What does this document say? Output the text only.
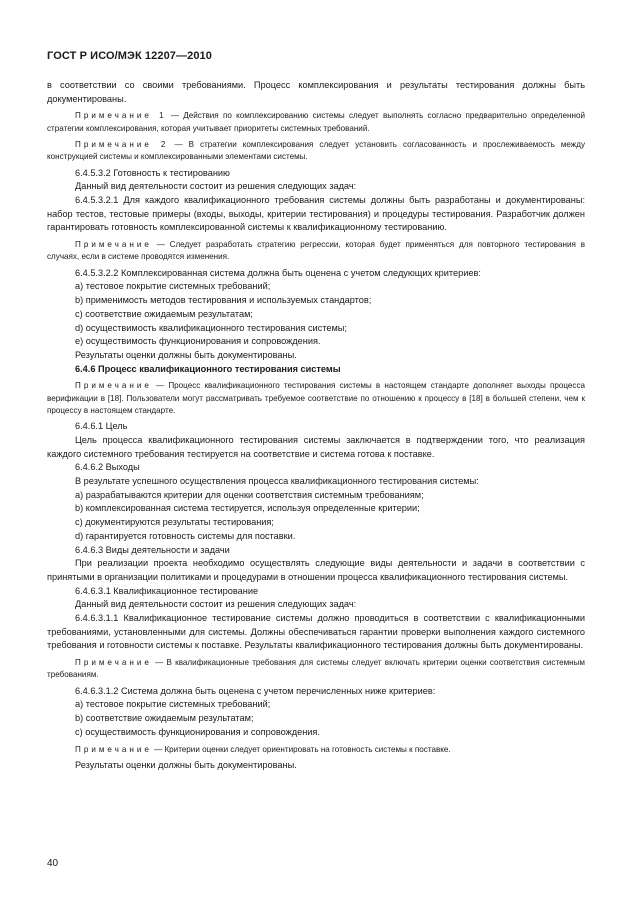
ГОСТ Р ИСО/МЭК 12207—2010

в соответствии со своими требованиями. Процесс комплексирования и результаты тестирования должны быть документированы.

Примечание 1 — Действия по комплексированию системы следует выполнять согласно предварительно определенной стратегии комплексирования, которая учитывает приоритеты системных требований.

Примечание 2 — В стратегии комплексирования следует установить согласованность и прослеживаемость между конструкцией системы и комплексированными элементами системы.

6.4.5.3.2 Готовность к тестированию

Данный вид деятельности состоит из решения следующих задач:

6.4.5.3.2.1 Для каждого квалификационного требования системы должны быть разработаны и документированы: набор тестов, тестовые примеры (входы, выходы, критерии тестирования) и процедуры тестирования. Разработчик должен гарантировать готовность комплексированной системы к квалификационному тестированию.

Примечание — Следует разработать стратегию регрессии, которая будет применяться для повторного тестирования в случаях, если в системе проводятся изменения.

6.4.5.3.2.2 Комплексированная система должна быть оценена с учетом следующих критериев:

a) тестовое покрытие системных требований;

b) применимость методов тестирования и используемых стандартов;

c) соответствие ожидаемым результатам;

d) осуществимость квалификационного тестирования системы;

e) осуществимость функционирования и сопровождения.

Результаты оценки должны быть документированы.

6.4.6 Процесс квалификационного тестирования системы

Примечание — Процесс квалификационного тестирования системы в настоящем стандарте дополняет выходы процесса верификации в [18]. Пользователи могут рассматривать требуемое соответствие по отношению к процессу в [18] в большей степени, чем к процессу в настоящем стандарте.

6.4.6.1 Цель

Цель процесса квалификационного тестирования системы заключается в подтверждении того, что реализация каждого системного требования тестируется на соответствие и система готова к поставке.

6.4.6.2 Выходы

В результате успешного осуществления процесса квалификационного тестирования системы:

a) разрабатываются критерии для оценки соответствия системным требованиям;

b) комплексированная система тестируется, используя определенные критерии;

c) документируются результаты тестирования;

d) гарантируется готовность системы для поставки.

6.4.6.3 Виды деятельности и задачи

При реализации проекта необходимо осуществлять следующие виды деятельности и задачи в соответствии с принятыми в организации политиками и процедурами в отношении процесса квалификационного тестирования системы.

6.4.6.3.1 Квалификационное тестирование

Данный вид деятельности состоит из решения следующих задач:

6.4.6.3.1.1 Квалификационное тестирование системы должно проводиться в соответствии с квалификационными требованиями, установленными для системы. Должны обеспечиваться гарантии проверки выполнения каждого системного требования и готовности системы к поставке. Результаты квалификационного тестирования должны быть документированы.

Примечание — В квалификационные требования для системы следует включать критерии оценки соответствия системным требованиям.

6.4.6.3.1.2 Система должна быть оценена с учетом перечисленных ниже критериев:

a) тестовое покрытие системных требований;

b) соответствие ожидаемым результатам;

c) осуществимость функционирования и сопровождения.

Примечание — Критерии оценки следует ориентировать на готовность системы к поставке.

Результаты оценки должны быть документированы.

40
